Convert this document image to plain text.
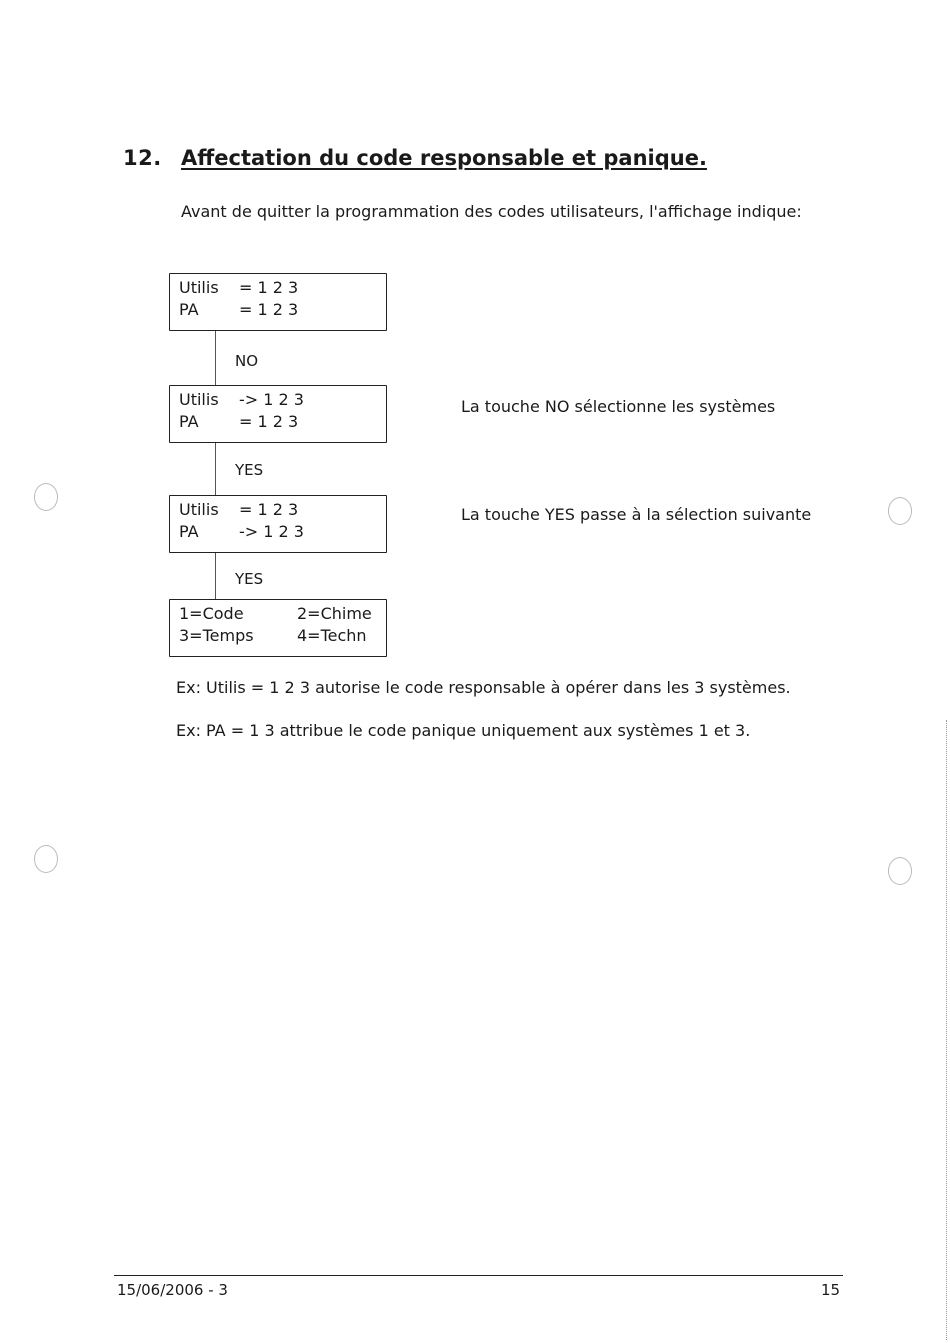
12. Affectation du code responsable et panique.
Avant de quitter la programmation des codes utilisateurs, l'affichage indique:
Utilis = 1 2 3
PA	= 1 2 3
NO
Utilis -> 1 2 3
PA	= 1 2 3
YES
Utilis = 1 2 3
PA	-> 1 2 3
YES
1=Code	2=Chime
3=Temps	4=Techn
La touche NO sélectionne les systèmes
La touche YES passe à la sélection suivante
Ex: Utilis = 1 2 3 autorise le code responsable à opérer dans les 3 systèmes.
Ex: PA = 1 3 attribue le code panique uniquement aux systèmes 1 et 3.
15/06/2006 - 3	15
